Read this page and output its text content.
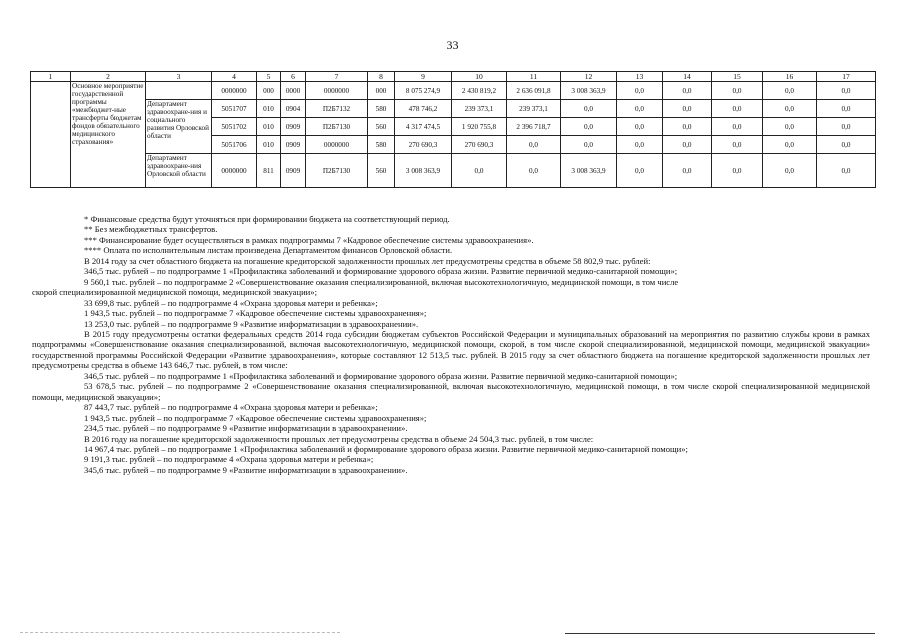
33
1	2	3	4	5	6	7	8	9	10	11	12	13	14	15	16	17
	Основное мероприятие государственной программы «межбюджет-ные трансферты бюджетам фондов обязательного медицинского страхования»		0000000	000	0000	0000000	000	8 075 274,9	2 430 819,2	2 636 091,8	3 008 363,9	0,0	0,0	0,0	0,0	0,0
		Департамент здравоохране-ния и социального развития Орловской области	5051707	010	0904	П2Б7132	580	478 746,2	239 373,1	239 373,1	0,0	0,0	0,0	0,0	0,0	0,0
			5051702	010	0909	П2Б7130	560	4 317 474,5	1 920 755,8	2 396 718,7	0,0	0,0	0,0	0,0	0,0	0,0
			5051706	010	0909	0000000	580	270 690,3	270 690,3	0,0	0,0	0,0	0,0	0,0	0,0	0,0
		Департамент здравоохране-ния Орловской области	0000000	811	0909	П2Б7130	560	3 008 363,9	0,0	0,0	3 008 363,9	0,0	0,0	0,0	0,0	0,0

* Финансовые средства будут уточняться при формировании бюджета на соответствующий период.

** Без межбюджетных трансфертов.

*** Финансирование будет осуществляться в рамках подпрограммы 7 «Кадровое обеспечение системы здравоохранения».

**** Оплата по исполнительным листам произведена Департаментом финансов Орловской области.

В 2014 году за счет областного бюджета на погашение кредиторской задолженности прошлых лет предусмотрены средства в объеме 58 802,9 тыс. рублей:

346,5 тыс. рублей – по подпрограмме 1 «Профилактика заболеваний и формирование здорового образа жизни. Развитие первичной медико-санитарной помощи»;

9 560,1 тыс. рублей – по подпрограмме 2 «Совершенствование оказания специализированной, включая высокотехнологичную, медицинской помощи, в том числе

скорой специализированной медицинской помощи, медицинской эвакуации»;

33 699,8 тыс. рублей – по подпрограмме 4 «Охрана здоровья матери и ребенка»;

1 943,5 тыс. рублей – по подпрограмме 7 «Кадровое обеспечение системы здравоохранения»;

13 253,0 тыс. рублей – по подпрограмме 9 «Развитие информатизации в здравоохранении».

В 2015 году предусмотрены остатки федеральных средств 2014 года субсидии бюджетам субъектов Российской Федерации и муниципальных образований на мероприятия по развитию службы крови в рамках подпрограммы «Совершенствование оказания специализированной, включая высокотехнологичную, медицинской помощи, скорой, в том числе скорой специализированной, медицинской помощи, медицинской эвакуации» государственной программы Российской Федерации «Развитие здравоохранения», которые составляют 12 513,5 тыс. рублей. В 2015 году за счет областного бюджета на погашение кредиторской задолженности прошлых лет предусмотрены средства в объеме 143 646,7 тыс. рублей, в том числе:

346,5 тыс. рублей – по подпрограмме 1 «Профилактика заболеваний и формирование здорового образа жизни. Развитие первичной медико-санитарной помощи»;

53 678,5 тыс. рублей – по подпрограмме 2 «Совершенствование оказания специализированной, включая высокотехнологичную, медицинской помощи, в том числе скорой специализированной медицинской помощи, медицинской эвакуации»;

87 443,7 тыс. рублей – по подпрограмме 4 «Охрана здоровья матери и ребенка»;

1 943,5 тыс. рублей – по подпрограмме 7 «Кадровое обеспечение системы здравоохранения»;

234,5 тыс. рублей – по подпрограмме 9 «Развитие информатизации в здравоохранении».

В 2016 году на погашение кредиторской задолженности прошлых лет предусмотрены средства в объеме 24 504,3 тыс. рублей, в том числе:

14 967,4 тыс. рублей – по подпрограмме 1 «Профилактика заболеваний и формирование здорового образа жизни. Развитие первичной медико-санитарной помощи»;

9 191,3 тыс. рублей – по подпрограмме 4 «Охрана здоровья матери и ребенка»;

345,6 тыс. рублей – по подпрограмме 9 «Развитие информатизации в здравоохранении».
